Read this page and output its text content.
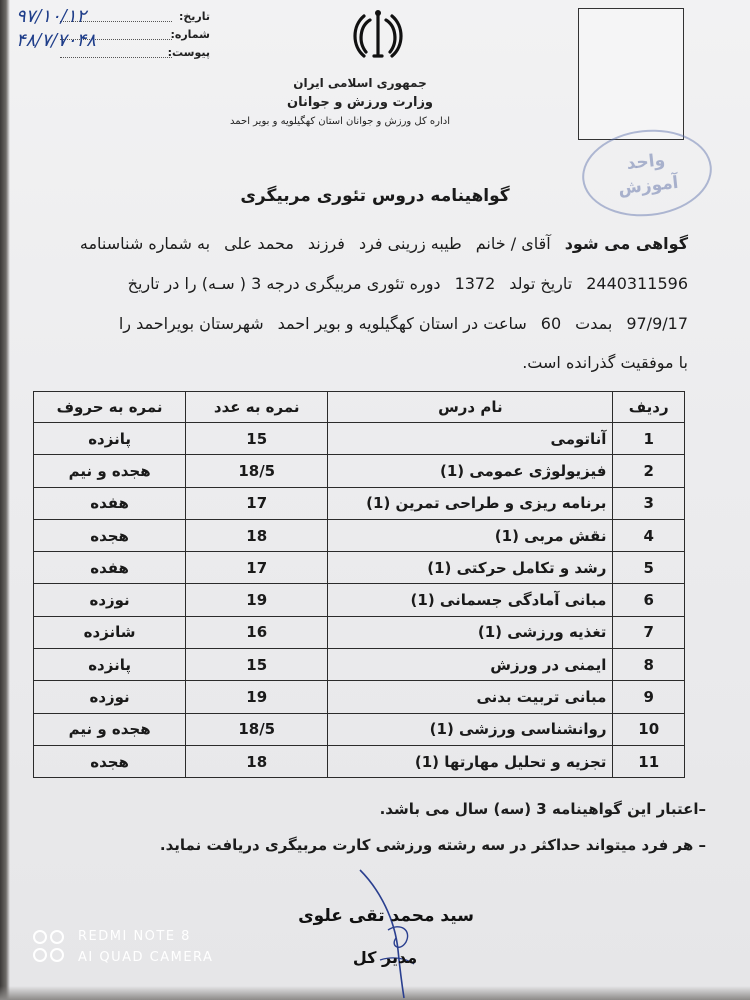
تاریخ:
شماره:
پیوست:
۹۷/۱۰/۱۲
۴۸/۷/۷۰۴۸
واحد
آموزش
جمهوری اسلامی ایران
وزارت ورزش و جوانان
اداره کل ورزش و جوانان استان کهگیلویه و بویر احمد
گواهینامه دروس تئوری مربیگری
گواهی می شودآقای / خانمطیبه زرینی فردفرزندمحمد علیبه شماره شناسنامه
2440311596تاریخ تولد1372دوره تئوری مربیگری درجه 3 ( سـه) را در تاریخ
97/9/17بمدت60ساعت در استان کهگیلویه و بویر احمدشهرستان بویراحمد را
با موفقیت گذرانده است.
ردیف	نام درس	نمره به عدد	نمره به حروف
1	آناتومی	15	پانزده
2	فیزیولوژی عمومی (1)	18/5	هجده و نیم
3	برنامه ریزی و طراحی تمرین (1)	17	هفده
4	نقش مربی (1)	18	هجده
5	رشد و تکامل حرکتی (1)	17	هفده
6	مبانی آمادگی جسمانی (1)	19	نوزده
7	تغذیه ورزشی (1)	16	شانزده
8	ایمنی در ورزش	15	پانزده
9	مبانی تربیت بدنی	19	نوزده
10	روانشناسی ورزشی (1)	18/5	هجده و نیم
11	تجزیه و تحلیل مهارتها (1)	18	هجده
–اعتبار این گواهینامه 3 (سه) سال می باشد.
– هر فرد میتواند حداکثر در سه رشته ورزشی کارت مربیگری دریافت نماید.
سید محمد تقی علوی
مدیر کل
REDMI NOTE 8
AI QUAD CAMERA
